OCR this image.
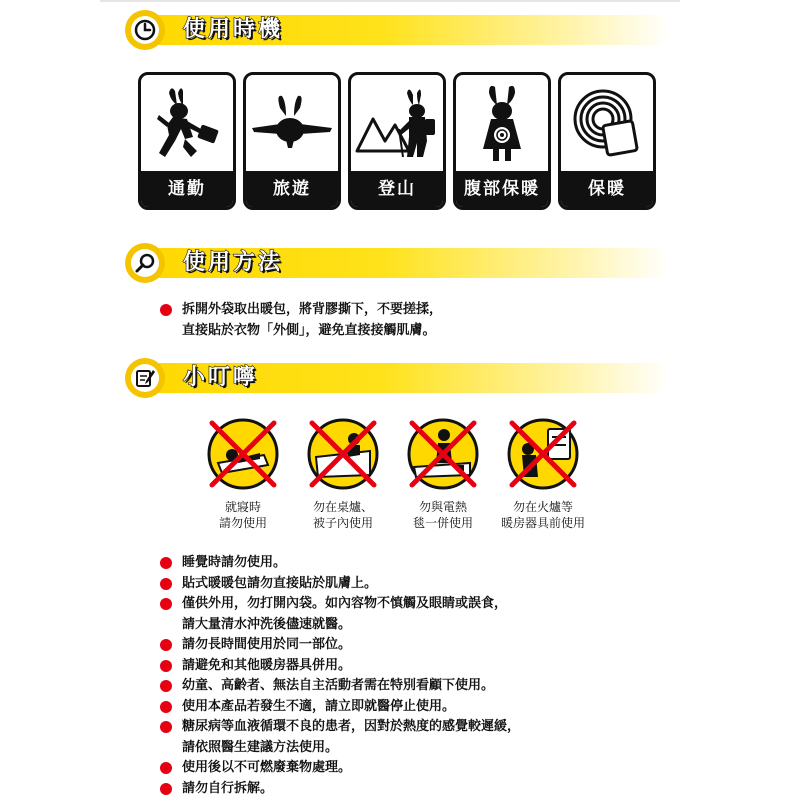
使用時機
通勤	旅遊	登山	腹部保暖	保暖
使用方法
拆開外袋取出暖包，將背膠撕下，不要搓揉，
直接貼於衣物「外側」，避免直接接觸肌膚。
小叮嚀
就寢時
請勿使用
勿在桌爐、
被子內使用
勿與電熱
毯一併使用
勿在火爐等
暖房器具前使用
睡覺時請勿使用。
貼式暖暖包請勿直接貼於肌膚上。
僅供外用，勿打開內袋。如內容物不慎觸及眼睛或誤食，
請大量清水沖洗後儘速就醫。
請勿長時間使用於同一部位。
請避免和其他暖房器具併用。
幼童、高齡者、無法自主活動者需在特別看顧下使用。
使用本產品若發生不適，請立即就醫停止使用。
糖尿病等血液循環不良的患者，因對於熱度的感覺較遲緩，
請依照醫生建議方法使用。
使用後以不可燃廢棄物處理。
請勿自行拆解。
